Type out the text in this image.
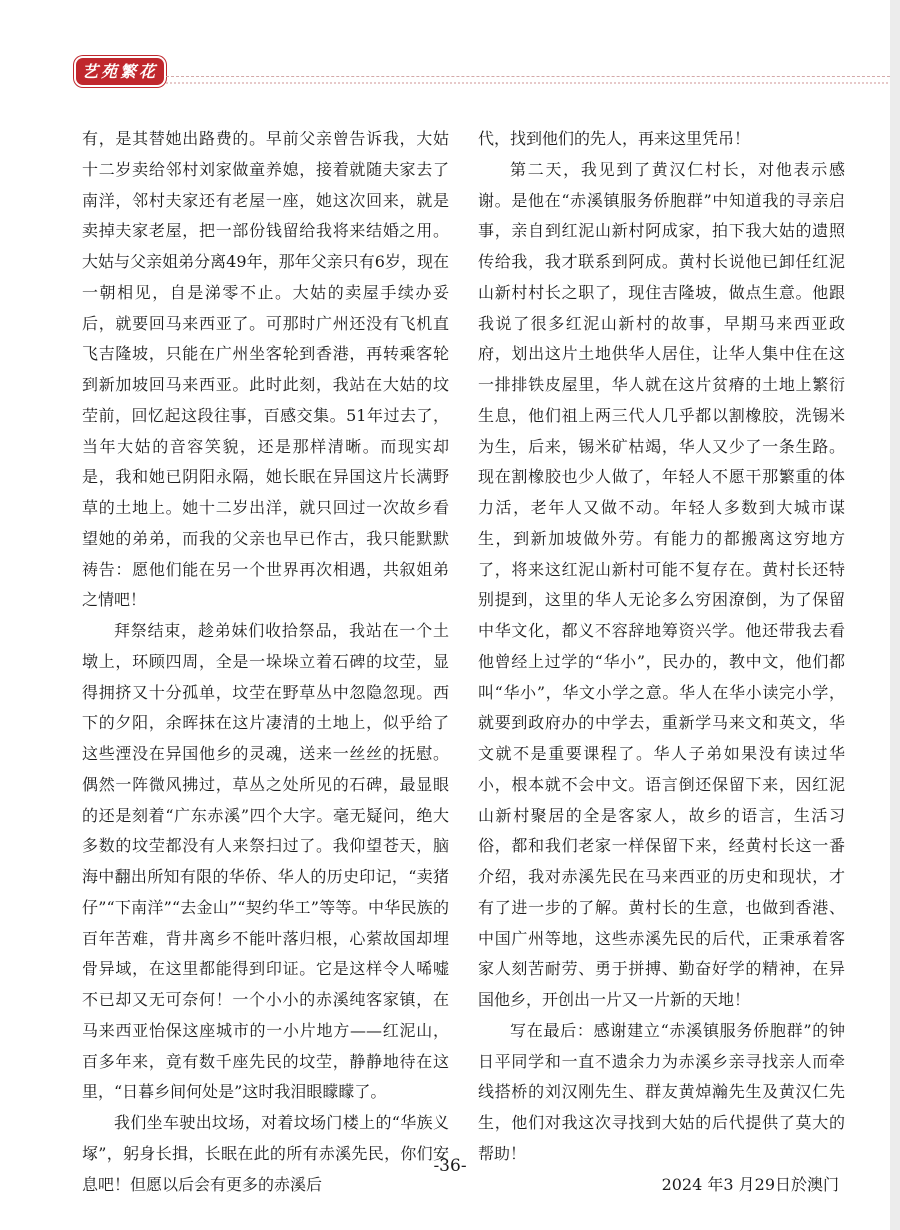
艺苑繁花

有，是其替她出路费的。早前父亲曾告诉我，大姑十二岁卖给邻村刘家做童养媳，接着就随夫家去了南洋，邻村夫家还有老屋一座，她这次回来，就是卖掉夫家老屋，把一部份钱留给我将来结婚之用。大姑与父亲姐弟分离49年，那年父亲只有6岁，现在一朝相见，自是涕零不止。大姑的卖屋手续办妥后，就要回马来西亚了。可那时广州还没有飞机直飞吉隆坡，只能在广州坐客轮到香港，再转乘客轮到新加坡回马来西亚。此时此刻，我站在大姑的坟茔前，回忆起这段往事，百感交集。51年过去了，当年大姑的音容笑貌，还是那样清晰。而现实却是，我和她已阴阳永隔，她长眠在异国这片长满野草的土地上。她十二岁出洋，就只回过一次故乡看望她的弟弟，而我的父亲也早已作古，我只能默默祷告：愿他们能在另一个世界再次相遇，共叙姐弟之情吧！

拜祭结束，趁弟妹们收拾祭品，我站在一个土墩上，环顾四周，全是一垛垛立着石碑的坟茔，显得拥挤又十分孤单，坟茔在野草丛中忽隐忽现。西下的夕阳，余晖抹在这片凄清的土地上，似乎给了这些湮没在异国他乡的灵魂，送来一丝丝的抚慰。偶然一阵微风拂过，草丛之处所见的石碑，最显眼的还是刻着“广东赤溪”四个大字。毫无疑问，绝大多数的坟茔都没有人来祭扫过了。我仰望苍天，脑海中翻出所知有限的华侨、华人的历史印记，“卖猪仔”“下南洋”“去金山”“契约华工”等等。中华民族的百年苦难，背井离乡不能叶落归根，心萦故国却埋骨异域，在这里都能得到印证。它是这样令人唏嘘不已却又无可奈何！一个小小的赤溪纯客家镇，在马来西亚怡保这座城市的一小片地方——红泥山，百多年来，竟有数千座先民的坟茔，静静地待在这里，“日暮乡间何处是”这时我泪眼矇矇了。

我们坐车驶出坟场，对着坟场门楼上的“华族义塚”，躬身长揖，长眠在此的所有赤溪先民，你们安息吧！但愿以后会有更多的赤溪后

代，找到他们的先人，再来这里凭吊！

第二天，我见到了黄汉仁村长，对他表示感谢。是他在“赤溪镇服务侨胞群”中知道我的寻亲启事，亲自到红泥山新村阿成家，拍下我大姑的遗照传给我，我才联系到阿成。黄村长说他已卸任红泥山新村村长之职了，现住吉隆坡，做点生意。他跟我说了很多红泥山新村的故事，早期马来西亚政府，划出这片土地供华人居住，让华人集中住在这一排排铁皮屋里，华人就在这片贫瘠的土地上繁衍生息，他们祖上两三代人几乎都以割橡胶，洗锡米为生，后来，锡米矿枯竭，华人又少了一条生路。现在割橡胶也少人做了，年轻人不愿干那繁重的体力活，老年人又做不动。年轻人多数到大城市谋生，到新加坡做外劳。有能力的都搬离这穷地方了，将来这红泥山新村可能不复存在。黄村长还特别提到，这里的华人无论多么穷困潦倒，为了保留中华文化，都义不容辞地筹资兴学。他还带我去看他曾经上过学的“华小”，民办的，教中文，他们都叫“华小”，华文小学之意。华人在华小读完小学，就要到政府办的中学去，重新学马来文和英文，华文就不是重要课程了。华人子弟如果没有读过华小，根本就不会中文。语言倒还保留下来，因红泥山新村聚居的全是客家人，故乡的语言，生活习俗，都和我们老家一样保留下来，经黄村长这一番介绍，我对赤溪先民在马来西亚的历史和现状，才有了进一步的了解。黄村长的生意，也做到香港、中国广州等地，这些赤溪先民的后代，正秉承着客家人刻苦耐劳、勇于拼搏、勤奋好学的精神，在异国他乡，开创出一片又一片新的天地！

写在最后：感谢建立“赤溪镇服务侨胞群”的钟日平同学和一直不遗余力为赤溪乡亲寻找亲人而牵线搭桥的刘汉刚先生、群友黄焯瀚先生及黄汉仁先生，他们对我这次寻找到大姑的后代提供了莫大的帮助！

2024 年3 月29日於澳门

-36-
